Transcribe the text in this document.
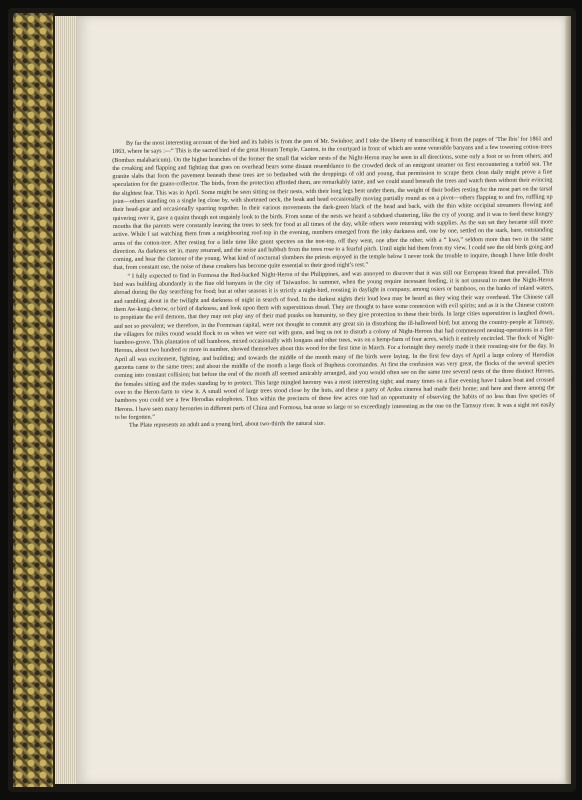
By far the most interesting account of the bird and its habits is from the pen of Mr. Swinhoe; and I take the liberty of transcribing it from the pages of ‘The Ibis’ for 1861 and 1863, where he says :—“ This is the sacred bird of the great Honam Temple, Canton, in the courtyard in front of which are some venerable banyans and a few towering cotton-trees (Bombax malabaricum). On the higher branches of the former the small flat wicker nests of the Night-Heron may be seen in all directions, some only a foot or so from others; and the croaking and flapping and fighting that goes on overhead bears some distant resemblance to the crowded deck of an emigrant steamer on first encountering a turbid sea. The granite slabs that form the pavement beneath these trees are so bedaubed with the droppings of old and young, that permission to scrape them clean daily might prove a fine speculation for the guano-collector. The birds, from the protection afforded them, are remarkably tame, and we could stand beneath the trees and watch them without their evincing the slightest fear. This was in April. Some might be seen sitting on their nests, with their long legs bent under them, the weight of their bodies resting for the most part on the tarsal joint—others standing on a single leg close by, with shortened neck, the beak and head occasionally moving partially round as on a pivot—others flapping to and fro, ruffling up their head-gear and occasionally sparring together. In their various movements the dark-green black of the head and back, with the thin white occipital streamers flowing and quivering over it, gave a quaint though not ungainly look to the birds. From some of the nests we heard a subdued chattering, like the cry of young; and it was to feed these hungry mouths that the parents were constantly leaving the trees to seek for food at all times of the day, while others were returning with supplies. As the sun set they became still more active. While I sat watching them from a neighbouring roof-top in the evening, numbers emerged from the inky darkness and, one by one, settled on the stark, bare, outstanding arms of the cotton-tree. After resting for a little time like gaunt spectres on the tree-top, off they went, one after the other, with a “ kwa,” seldom more than two in the same direction. As darkness set in, many returned, and the noise and hubbub from the trees rose to a fearful pitch. Until night hid them from my view, I could see the old birds going and coming, and hear the clamour of the young. What kind of nocturnal slumbers the priests enjoyed in the temple below I never took the trouble to inquire, though I have little doubt that, from constant use, the noise of these croakers has become quite essential to their good night’s rest.”

“ I fully expected to find in Formosa the Red-backed Night-Heron of the Philippines, and was annoyed to discover that it was still our European friend that prevailed. This bird was building abundantly in the fine old banyans in the city of Taiwanfoo. In summer, when the young require incessant feeding, it is not unusual to meet the Night-Heron abroad during the day searching for food; but at other seasons it is strictly a night-bird, roosting in daylight in company, among osiers or bamboos, on the banks of inland waters, and rambling about in the twilight and darkness of night in search of food. In the darkest nights their loud kwa may be heard as they wing their way overhead. The Chinese call them Aw-kung-cheow, or bird of darkness, and look upon them with superstitious dread. They are thought to have some connexion with evil spirits; and as it is the Chinese custom to propitiate the evil demons, that they may not play any of their mad pranks on humanity, so they give protection to these their birds. In large cities superstition is laughed down, and not so prevalent; we therefore, in the Formosan capital, were not thought to commit any great sin in disturbing the ill-hallowed bird; but among the country-people at Tamsuy, the villagers for miles round would flock to us when we were out with guns, and beg us not to disturb a colony of Night-Herons that had commenced nesting-operations in a fine bamboo-grove. This plantation of tall bamboos, mixed occasionally with longans and other trees, was on a hemp-farm of four acres, which it entirely encircled. The flock of Night-Herons, about two hundred or more in number, showed themselves about this wood for the first time in March. For a fortnight they merely made it their roosting-site for the day. In April all was excitement, fighting, and building; and towards the middle of the month many of the birds were laying. In the first few days of April a large colony of Herodias garzetta came to the same trees; and about the middle of the month a large flock of Bupheus coromandus. At first the confusion was very great, the flocks of the several species coming into constant collision; but before the end of the month all seemed amicably arranged, and you would often see on the same tree several nests of the three distinct Herons, the females sitting and the males standing by to protect. This large mingled heronry was a most interesting sight; and many times on a fine evening have I taken boat and crossed over to the Heron-farm to view it. A small wood of large trees stood close by the huts, and these a party of Ardea cinerea had made their home; and here and there among the bamboos you could see a few Herodias eulophotes. Thus within the precincts of these few acres one had an opportunity of observing the habits of no less than five species of Herons. I have seen many heronries in different parts of China and Formosa, but none so large or so exceedingly interesting as the one on the Tamsuy river. It was a sight not easily to be forgotten.”

The Plate represents an adult and a young bird, about two-thirds the natural size.
